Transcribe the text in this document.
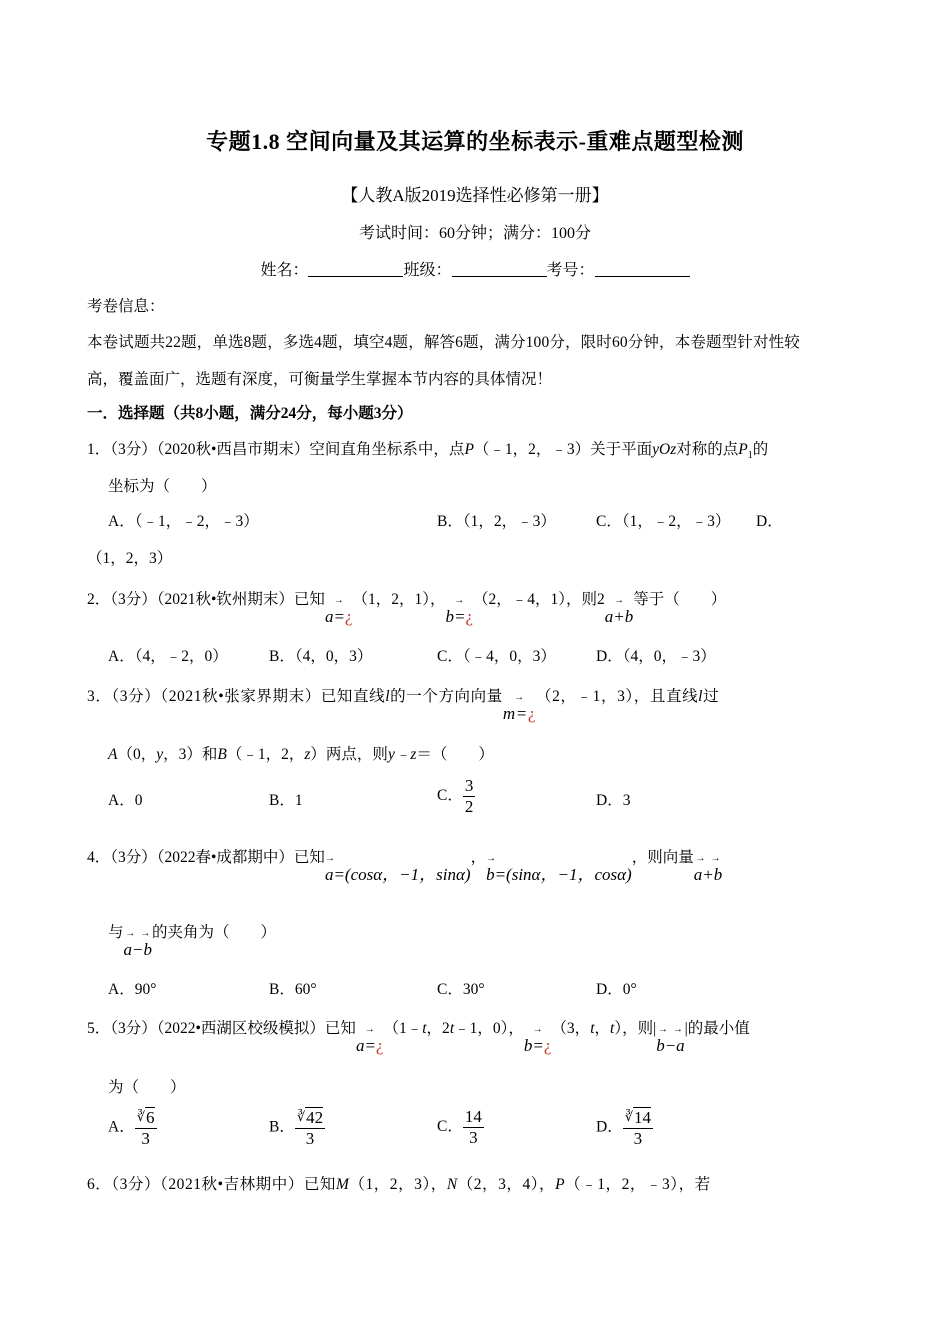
专题1.8 空间向量及其运算的坐标表示-重难点题型检测
【人教A版2019选择性必修第一册】
考试时间：60分钟；满分：100分
姓名：	班级：	考号：
考卷信息：
本卷试题共22题，单选8题，多选4题，填空4题，解答6题，满分100分，限时60分钟，本卷题型针对性较
高，覆盖面广，选题有深度，可衡量学生掌握本节内容的具体情况！
一．选择题（共8小题，满分24分，每小题3分）
1．（3分）（2020秋•西昌市期末）空间直角坐标系中，点P（﹣1，2，﹣3）关于平面yOz对称的点$P_1$的
坐标为（　　）
A．（﹣1，﹣2，﹣3）	B．（1，2，﹣3）	C．（1，﹣2，﹣3） D．
（1，2，3）
2．（3分）（2021秋•钦州期末）已知 →
a=¿（1，2，1）， →
b=¿（2，﹣4，1），则2 →
a+b等于（　　）
A．（4，﹣2，0）	B．（4，0，3）	C．（﹣4，0，3）	D．（4，0，﹣3）
3．（3分）（2021秋•张家界期末）已知直线l的一个方向向量	→
m=¿（2，﹣1，3），且直线l过
A（0，y，3）和B（﹣1，2，z）两点，则y﹣z＝（　　）
A．0	B．1	C． $\frac{3}{2}$	D．3
4．（3分）（2022春•成都期中）已知 →
a=(cosα，−1，sinα)， →
b=(sinα，−1，cosα)，则向量 →  →
a+b
与 →  →
a−b的夹角为（　　）
A．90°	B．60°	C．30°	D．0°
5．（3分）（2022•西湖区校级模拟）已知 →
a=¿（1﹣t，2t﹣1，0）， →
b=¿（3，t，t），则| →  →
b−a|的最小值
为（　　）
A． $\frac{∛6}{3}$	B． $\frac{∛42}{3}$	C． $\frac{14}{3}$	D． $\frac{∛14}{3}$
6．（3分）（2021秋•吉林期中）已知M（1，2，3），N（2，3，4），P（﹣1，2，﹣3），若
